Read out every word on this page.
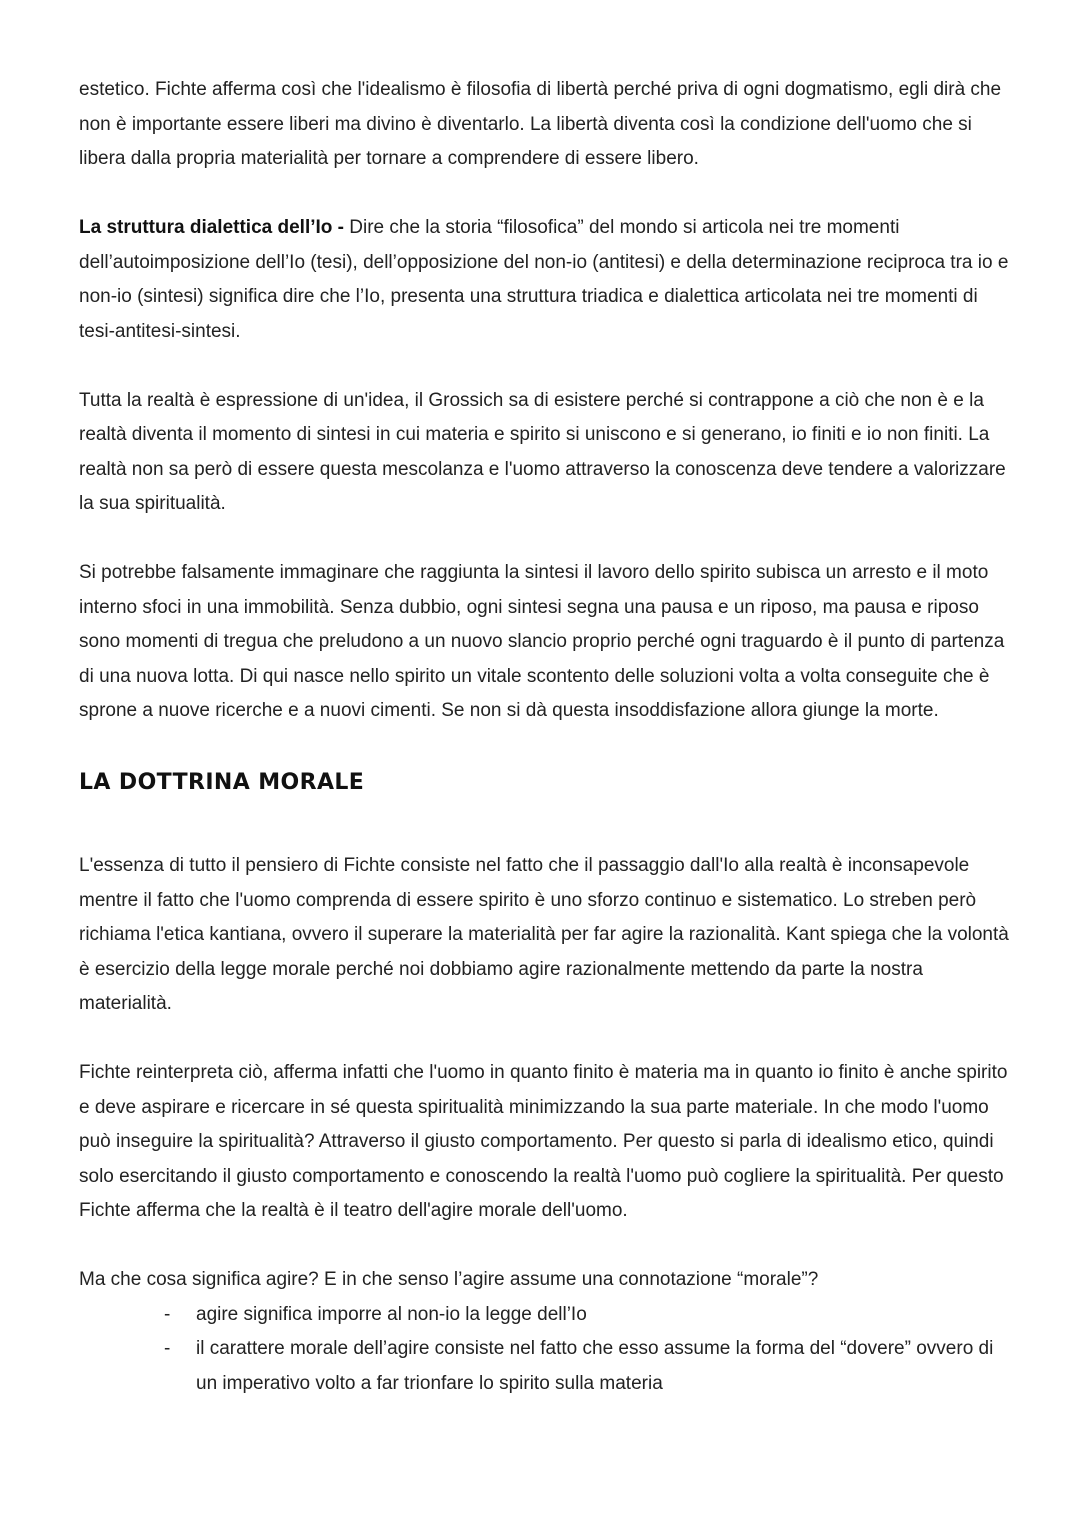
estetico. Fichte afferma così che l'idealismo è filosofia di libertà perché priva di ogni dogmatismo, egli dirà che non è importante essere liberi ma divino è diventarlo. La libertà diventa così la condizione dell'uomo che si libera dalla propria materialità per tornare a comprendere di essere libero.

La struttura dialettica dell’Io - Dire che la storia “filosofica” del mondo si articola nei tre momenti dell’autoimposizione dell’Io (tesi), dell’opposizione del non-io (antitesi) e della determinazione reciproca tra io e non-io (sintesi) significa dire che l’Io, presenta una struttura triadica e dialettica articolata nei tre momenti di tesi-antitesi-sintesi.

Tutta la realtà è espressione di un'idea, il Grossich sa di esistere perché si contrappone a ciò che non è e la realtà diventa il momento di sintesi in cui materia e spirito si uniscono e si generano, io finiti e io non finiti. La realtà non sa però di essere questa mescolanza e l'uomo attraverso la conoscenza deve tendere a valorizzare la sua spiritualità.

Si potrebbe falsamente immaginare che raggiunta la sintesi il lavoro dello spirito subisca un arresto e il moto interno sfoci in una immobilità. Senza dubbio, ogni sintesi segna una pausa e un riposo, ma pausa e riposo sono momenti di tregua che preludono a un nuovo slancio proprio perché ogni traguardo è il punto di partenza di una nuova lotta. Di qui nasce nello spirito un vitale scontento delle soluzioni volta a volta conseguite che è sprone a nuove ricerche e a nuovi cimenti. Se non si dà questa insoddisfazione allora giunge la morte.

LA DOTTRINA MORALE

L'essenza di tutto il pensiero di Fichte consiste nel fatto che il passaggio dall'Io alla realtà è inconsapevole mentre il fatto che l'uomo comprenda di essere spirito è uno sforzo continuo e sistematico. Lo streben però richiama l'etica kantiana, ovvero il superare la materialità per far agire la razionalità. Kant spiega che la volontà è esercizio della legge morale perché noi dobbiamo agire razionalmente mettendo da parte la nostra materialità.

Fichte reinterpreta ciò, afferma infatti che l'uomo in quanto finito è materia ma in quanto io finito è anche spirito e deve aspirare e ricercare in sé questa spiritualità minimizzando la sua parte materiale. In che modo l'uomo può inseguire la spiritualità? Attraverso il giusto comportamento. Per questo si parla di idealismo etico, quindi solo esercitando il giusto comportamento e conoscendo la realtà l'uomo può cogliere la spiritualità. Per questo Fichte afferma che la realtà è il teatro dell'agire morale dell'uomo.

Ma che cosa significa agire? E in che senso l’agire assume una connotazione “morale”?

- agire significa imporre al non-io la legge dell’Io
- il carattere morale dell’agire consiste nel fatto che esso assume la forma del “dovere” ovvero di un imperativo volto a far trionfare lo spirito sulla materia
